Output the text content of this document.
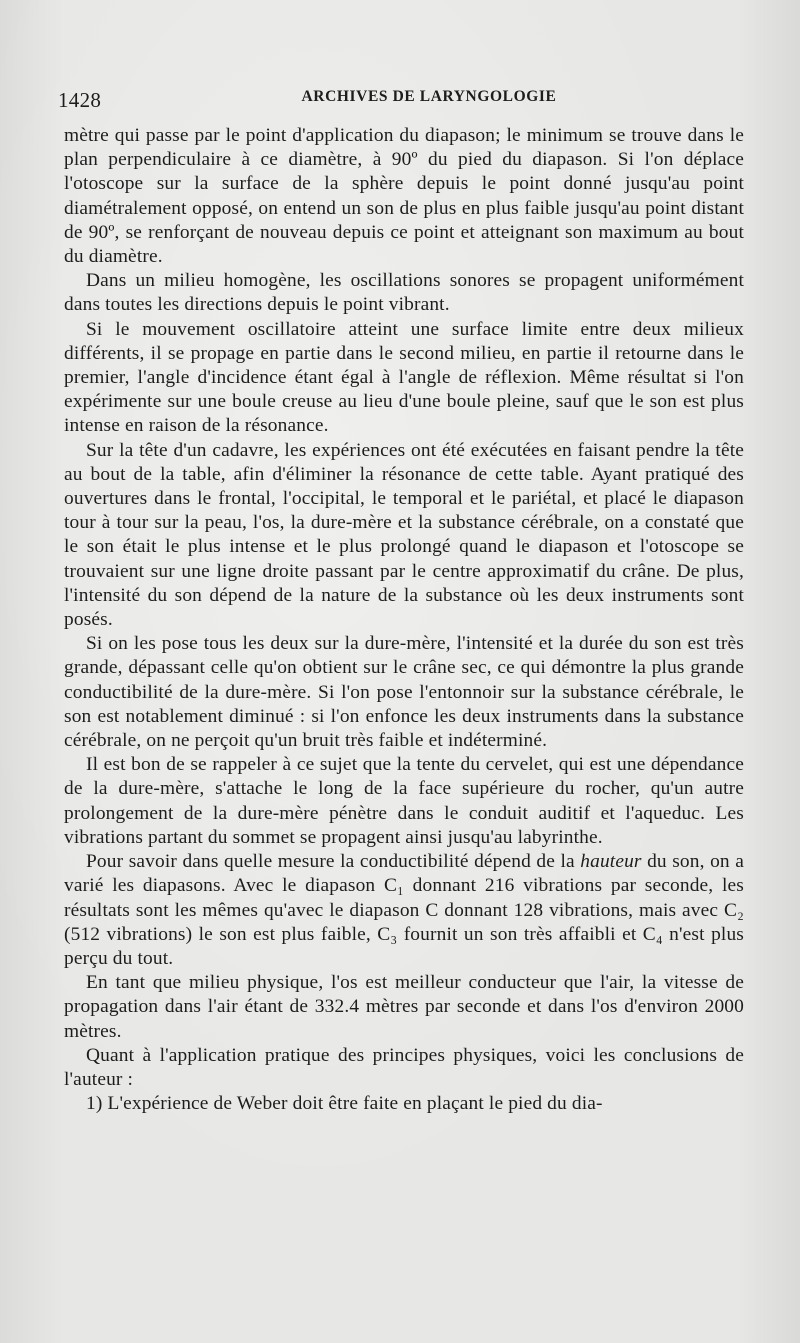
1428	ARCHIVES DE LARYNGOLOGIE

mètre qui passe par le point d'application du diapason; le minimum se trouve dans le plan perpendiculaire à ce diamètre, à 90º du pied du diapason. Si l'on déplace l'otoscope sur la surface de la sphère depuis le point donné jusqu'au point diamétralement opposé, on entend un son de plus en plus faible jusqu'au point distant de 90º, se renforçant de nouveau depuis ce point et atteignant son maximum au bout du diamètre.

Dans un milieu homogène, les oscillations sonores se propagent uniformément dans toutes les directions depuis le point vibrant.

Si le mouvement oscillatoire atteint une surface limite entre deux milieux différents, il se propage en partie dans le second milieu, en partie il retourne dans le premier, l'angle d'incidence étant égal à l'angle de réflexion. Même résultat si l'on expérimente sur une boule creuse au lieu d'une boule pleine, sauf que le son est plus intense en raison de la résonance.

Sur la tête d'un cadavre, les expériences ont été exécutées en faisant pendre la tête au bout de la table, afin d'éliminer la résonance de cette table. Ayant pratiqué des ouvertures dans le frontal, l'occipital, le temporal et le pariétal, et placé le diapason tour à tour sur la peau, l'os, la dure-mère et la substance cérébrale, on a constaté que le son était le plus intense et le plus prolongé quand le diapason et l'otoscope se trouvaient sur une ligne droite passant par le centre approximatif du crâne. De plus, l'intensité du son dépend de la nature de la substance où les deux instruments sont posés.

Si on les pose tous les deux sur la dure-mère, l'intensité et la durée du son est très grande, dépassant celle qu'on obtient sur le crâne sec, ce qui démontre la plus grande conductibilité de la dure-mère. Si l'on pose l'entonnoir sur la substance cérébrale, le son est notablement diminué : si l'on enfonce les deux instruments dans la substance cérébrale, on ne perçoit qu'un bruit très faible et indéterminé.

Il est bon de se rappeler à ce sujet que la tente du cervelet, qui est une dépendance de la dure-mère, s'attache le long de la face supérieure du rocher, qu'un autre prolongement de la dure-mère pénètre dans le conduit auditif et l'aqueduc. Les vibrations partant du sommet se propagent ainsi jusqu'au labyrinthe.

Pour savoir dans quelle mesure la conductibilité dépend de la hauteur du son, on a varié les diapasons. Avec le diapason C₁ donnant 216 vibrations par seconde, les résultats sont les mêmes qu'avec le diapason C donnant 128 vibrations, mais avec C₂ (512 vibrations) le son est plus faible, C₃ fournit un son très affaibli et C₄ n'est plus perçu du tout.

En tant que milieu physique, l'os est meilleur conducteur que l'air, la vitesse de propagation dans l'air étant de 332.4 mètres par seconde et dans l'os d'environ 2000 mètres.

Quant à l'application pratique des principes physiques, voici les conclusions de l'auteur :

1) L'expérience de Weber doit être faite en plaçant le pied du dia-
